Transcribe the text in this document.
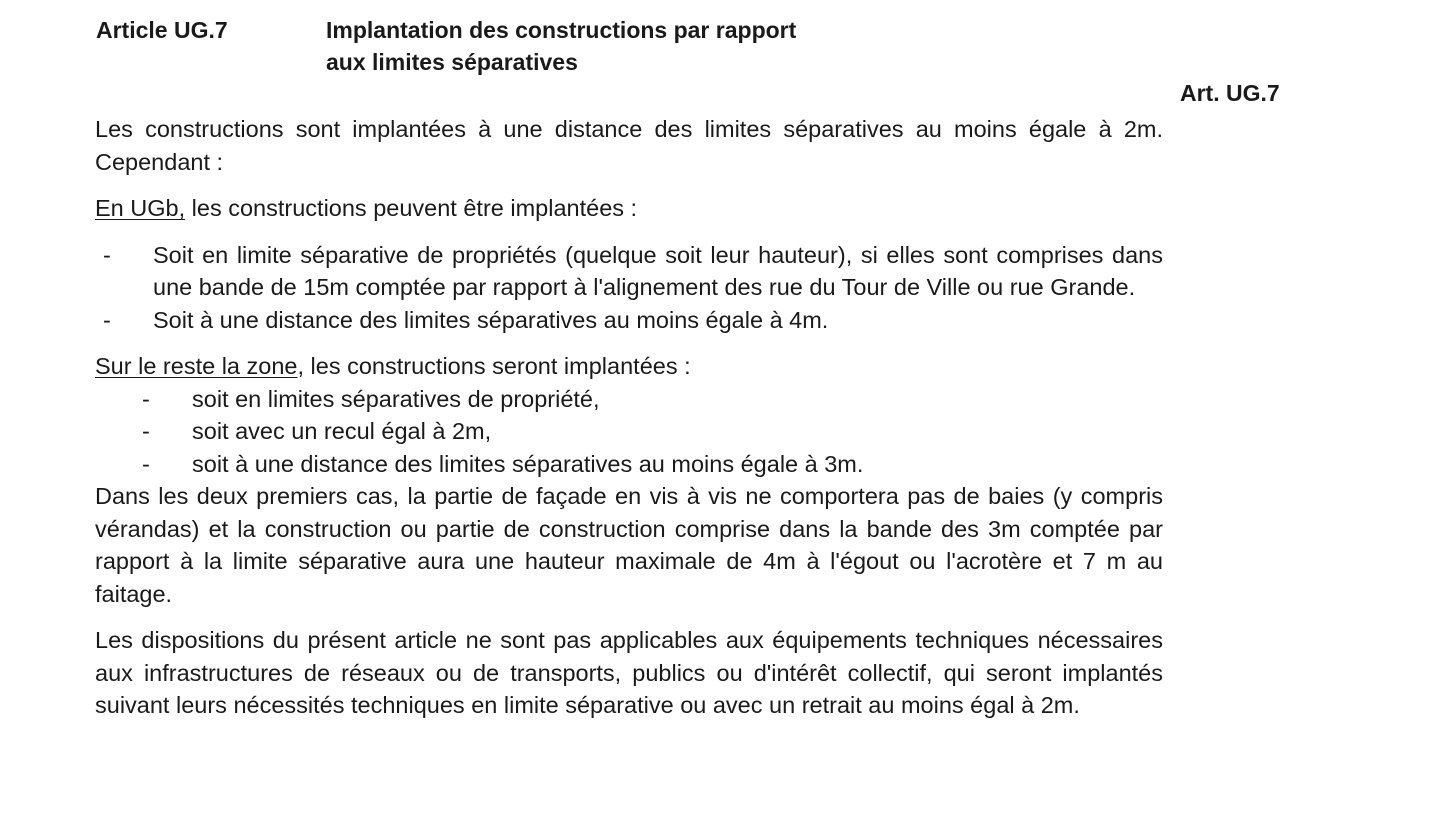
Article UG.7	Implantation des constructions par rapport
aux limites séparatives
Art. UG.7

Les constructions sont implantées à une distance des limites séparatives au moins égale à 2m. Cependant :

En UGb, les constructions peuvent être implantées :

- Soit en limite séparative de propriétés (quelque soit leur hauteur), si elles sont comprises dans une bande de 15m comptée par rapport à l'alignement des rue du Tour de Ville ou rue Grande.
- Soit à une distance des limites séparatives au moins égale à 4m.

Sur le reste la zone, les constructions seront implantées :

- soit en limites séparatives de propriété,
- soit avec un recul égal à 2m,
- soit à une distance des limites séparatives au moins égale à 3m.

Dans les deux premiers cas, la partie de façade en vis à vis ne comportera pas de baies (y compris vérandas) et la construction ou partie de construction comprise dans la bande des 3m comptée par rapport à la limite séparative aura une hauteur maximale de 4m à l'égout ou l'acrotère et 7 m au faitage.

Les dispositions du présent article ne sont pas applicables aux équipements techniques nécessaires aux infrastructures de réseaux ou de transports, publics ou d'intérêt collectif, qui seront implantés suivant leurs nécessités techniques en limite séparative ou avec un retrait au moins égal à 2m.
